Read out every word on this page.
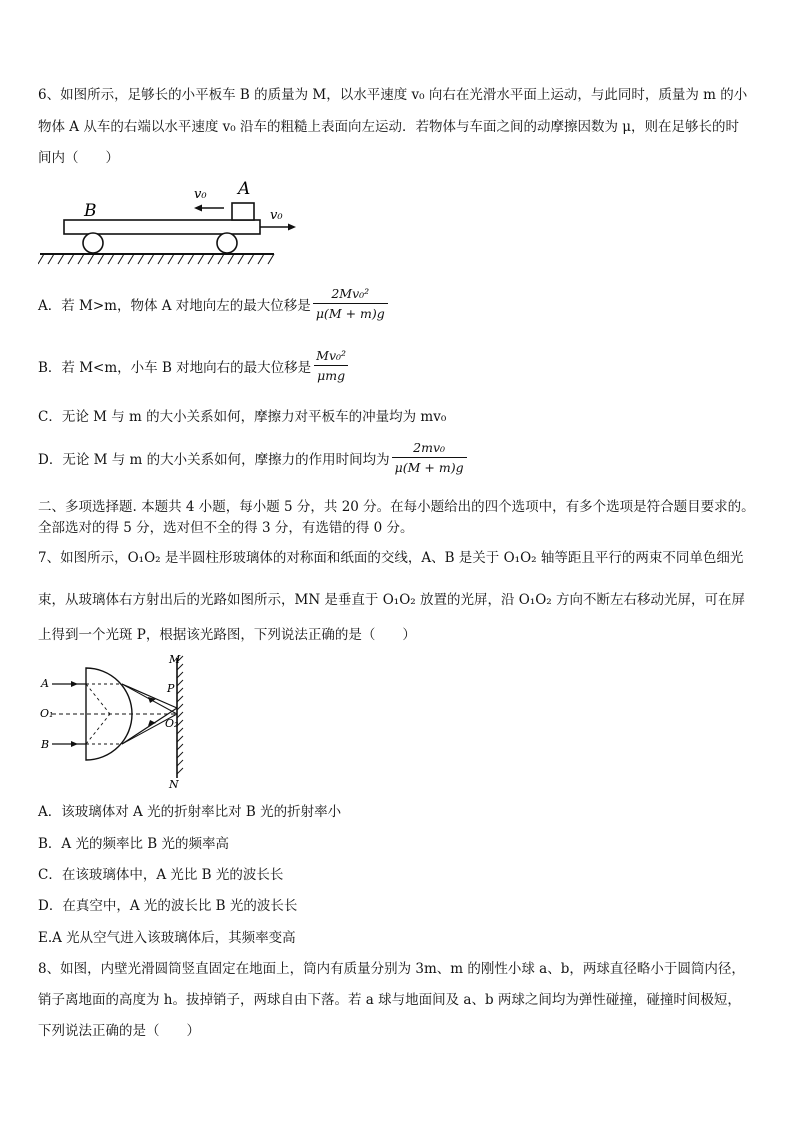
6、如图所示，足够长的小平板车 B 的质量为 M，以水平速度 v₀ 向右在光滑水平面上运动，与此同时，质量为 m 的小
物体 A 从车的右端以水平速度 v₀ 沿车的粗糙上表面向左运动．若物体与车面之间的动摩擦因数为 μ，则在足够长的时
间内（　　）
B
A
v₀
v₀
A．若 M>m，物体 A 对地向左的最大位移是 $\frac{\text{2Mv₀²}}{\mu(M + m)g}$
B．若 M<m，小车 B 对地向右的最大位移是 $\frac{\text{Mv₀²}}{\text{μmg}}$
C．无论 M 与 m 的大小关系如何，摩擦力对平板车的冲量均为 mv₀
D．无论 M 与 m 的大小关系如何，摩擦力的作用时间均为 $\frac{\text{2mv₀}}{\mu(M + m)g}$
二、多项选择题. 本题共 4 小题，每小题 5 分，共 20 分。在每小题给出的四个选项中，有多个选项是符合题目要求的。
全部选对的得 5 分，选对但不全的得 3 分，有选错的得 0 分。
7、如图所示，O₁O₂ 是半圆柱形玻璃体的对称面和纸面的交线，A、B 是关于 O₁O₂ 轴等距且平行的两束不同单色细光
束，从玻璃体右方射出后的光路如图所示，MN 是垂直于 O₁O₂ 放置的光屏，沿 O₁O₂ 方向不断左右移动光屏，可在屏
上得到一个光斑 P，根据该光路图，下列说法正确的是（　　）
M
N
P
A
B
O₁
O₂
A．该玻璃体对 A 光的折射率比对 B 光的折射率小
B．A 光的频率比 B 光的频率高
C．在该玻璃体中，A 光比 B 光的波长长
D．在真空中，A 光的波长比 B 光的波长长
E.A 光从空气进入该玻璃体后，其频率变高
8、如图，内壁光滑圆筒竖直固定在地面上，筒内有质量分别为 3m、m 的刚性小球 a、b，两球直径略小于圆筒内径，
销子离地面的高度为 h。拔掉销子，两球自由下落。若 a 球与地面间及 a、b 两球之间均为弹性碰撞，碰撞时间极短，
下列说法正确的是（　　）
